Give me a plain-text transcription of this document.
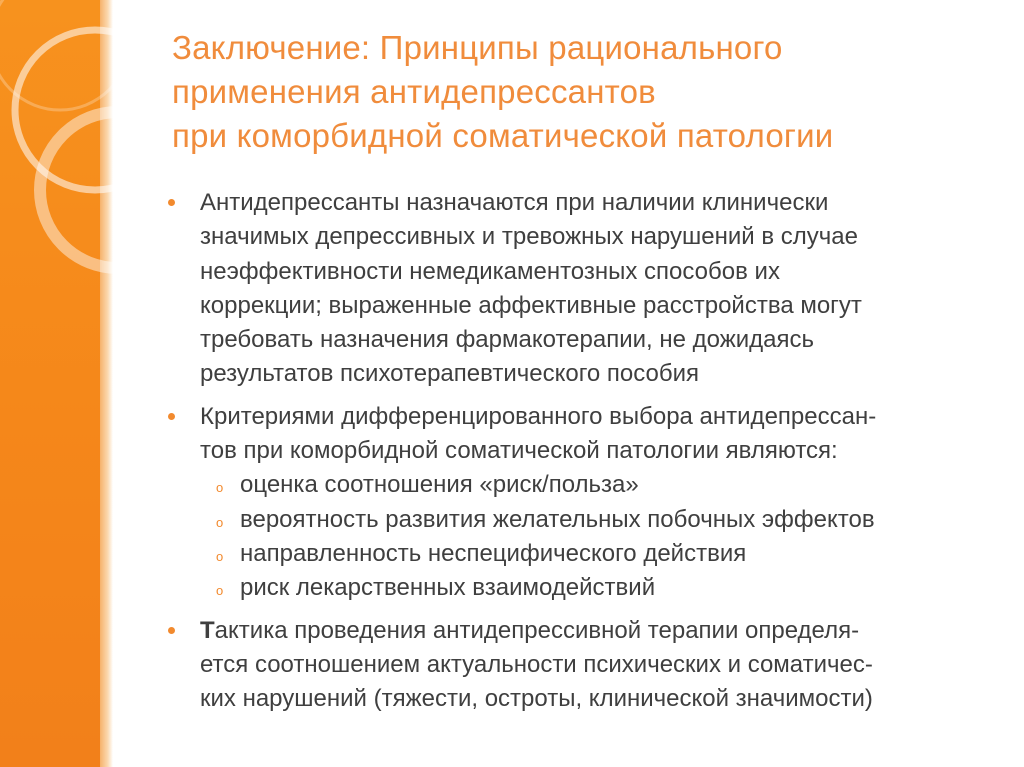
Заключение: Принципы рационального
применения антидепрессантов
при коморбидной соматической патологии
Антидепрессанты назначаются при наличии клинически
значимых депрессивных и тревожных нарушений в случае
неэффективности немедикаментозных способов их
коррекции; выраженные аффективные расстройства могут
требовать назначения фармакотерапии, не дожидаясь
результатов психотерапевтического пособия
Критериями дифференцированного выбора антидепрессан-
тов при коморбидной соматической патологии являются:
o оценка соотношения «риск/польза»
o вероятность развития желательных побочных эффектов
o направленность неспецифического действия
o риск лекарственных взаимодействий
Тактика проведения антидепрессивной терапии определя-
ется соотношением актуальности психических и соматичес-
ких нарушений (тяжести, остроты, клинической значимости)
